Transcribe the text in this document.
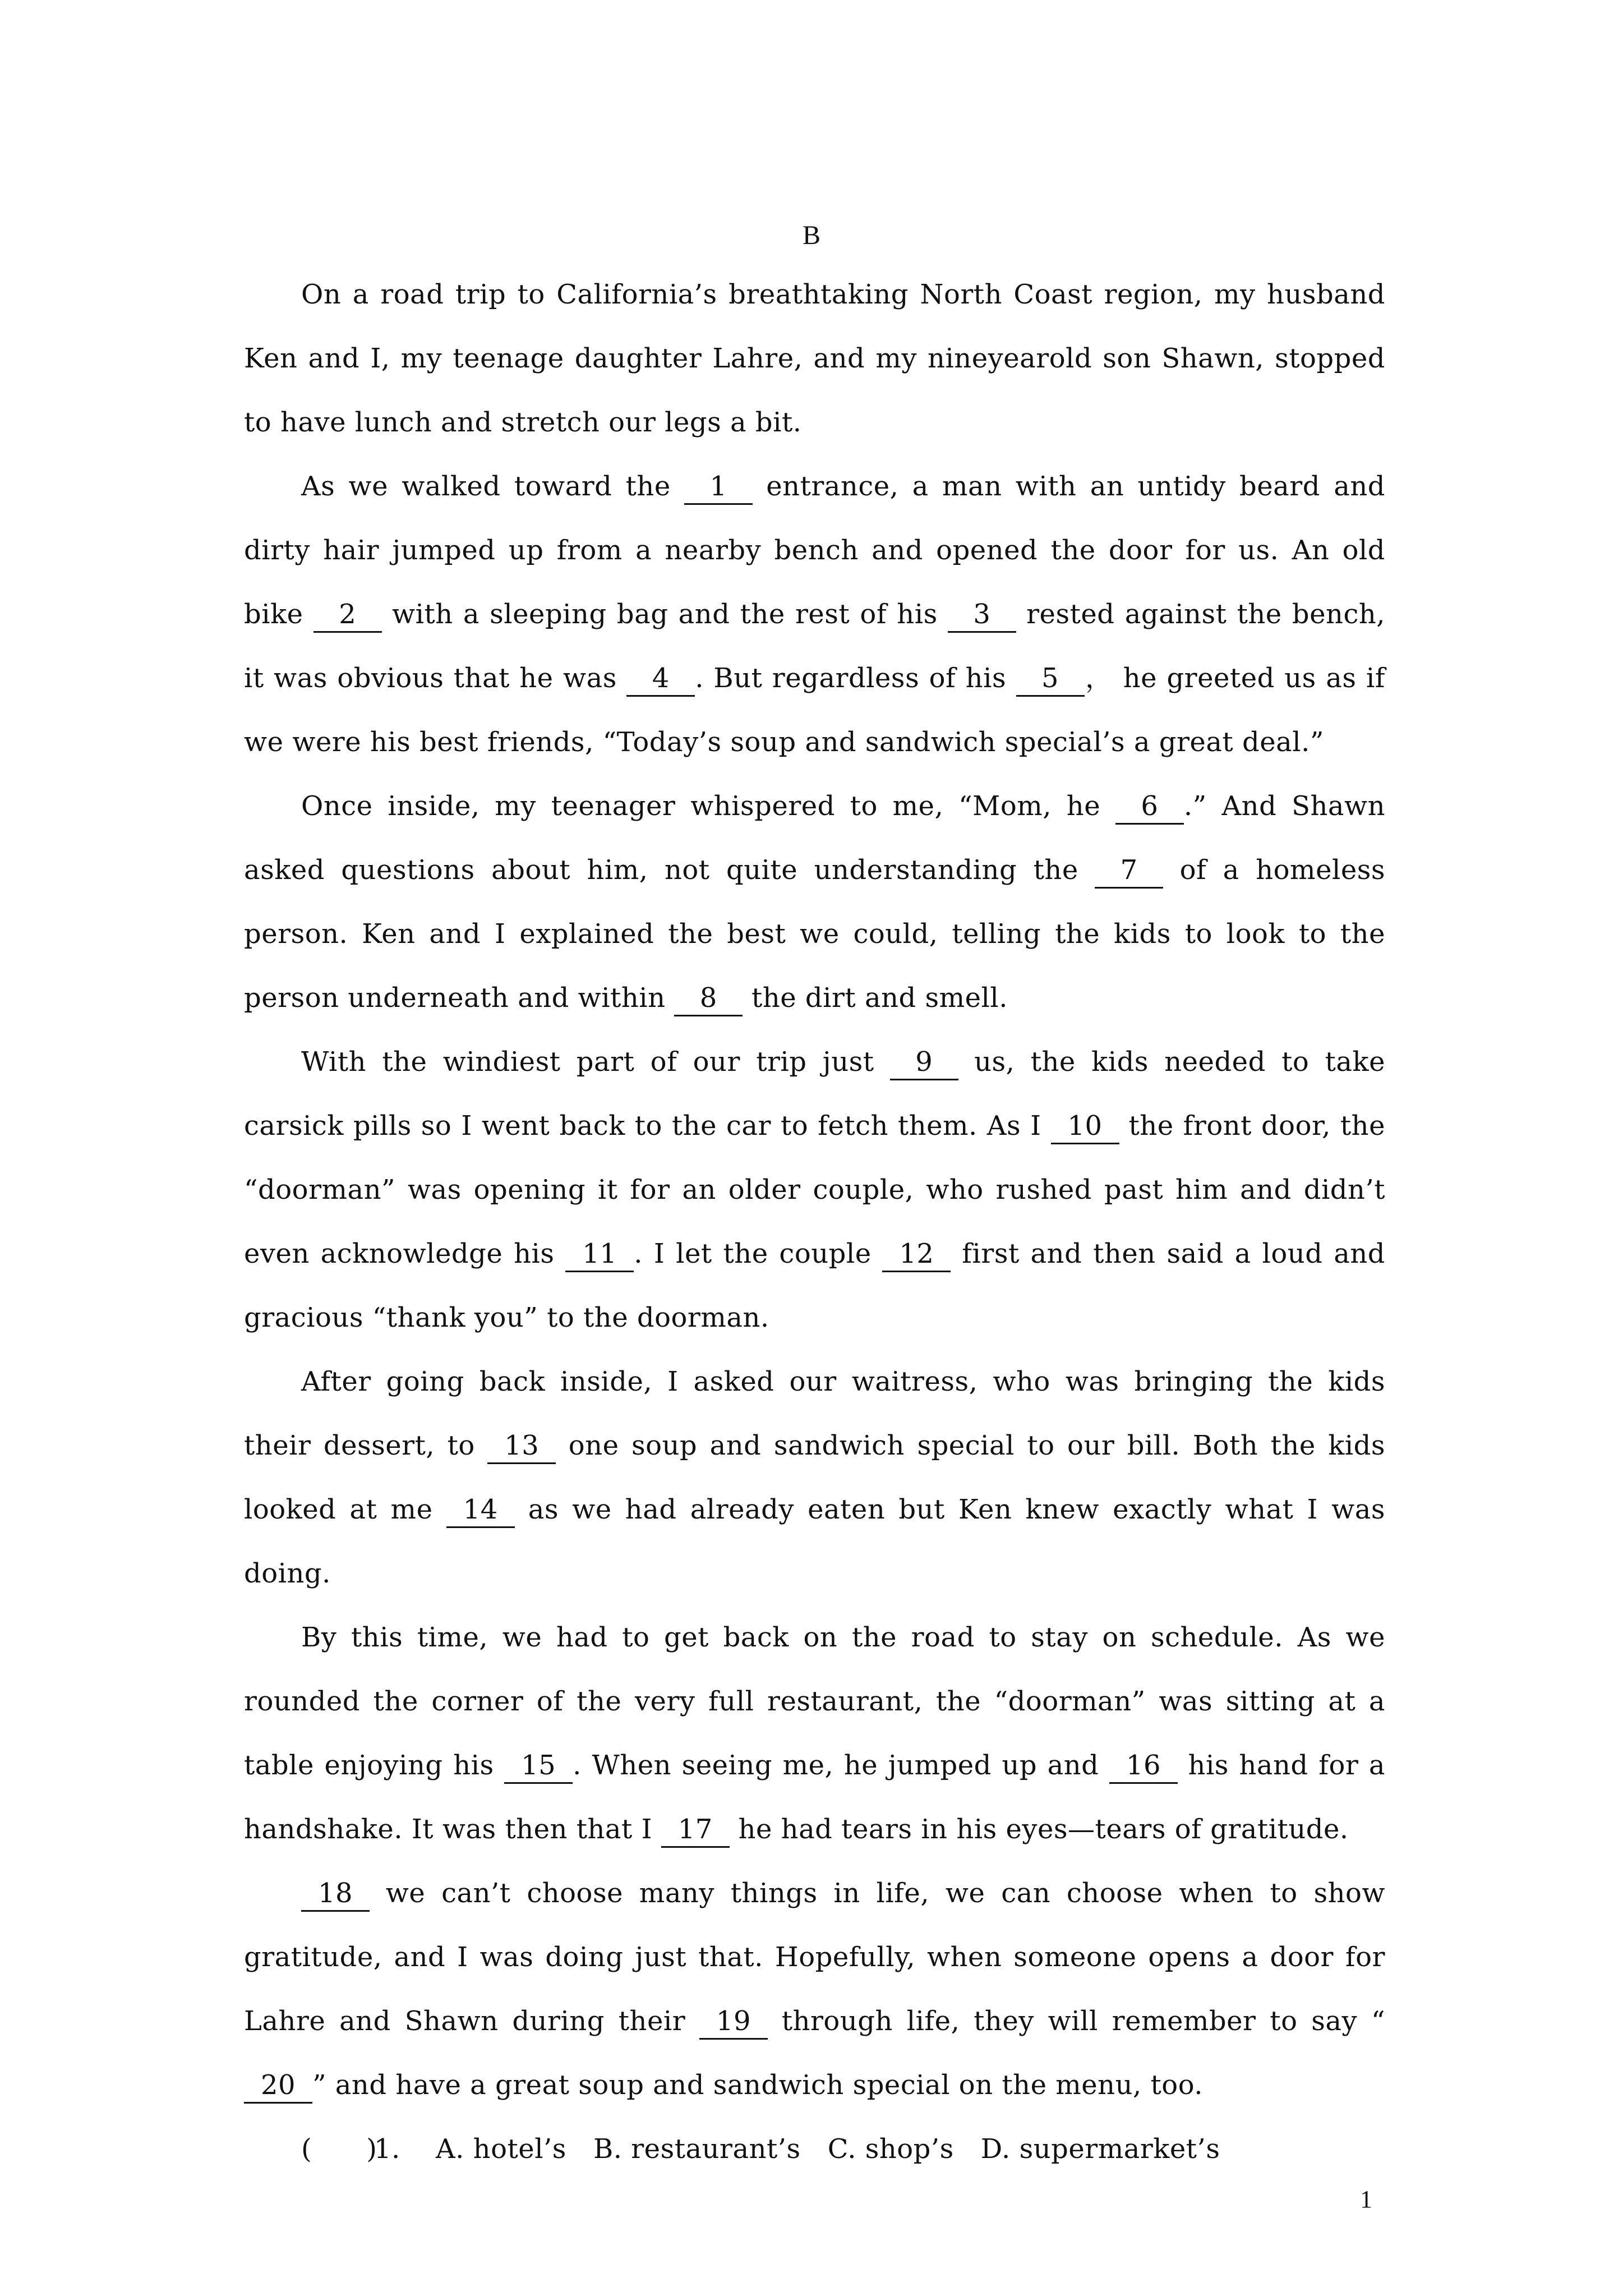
B

On a road trip to California’s breathtaking North Coast region, my husband Ken and I, my teenage daughter Lahre, and my nineyearold son Shawn, stopped to have lunch and stretch our legs a bit.

As we walked toward the 1 entrance, a man with an untidy beard and dirty hair jumped up from a nearby bench and opened the door for us. An old bike 2 with a sleeping bag and the rest of his 3 rested against the bench, it was obvious that he was 4 . But regardless of his 5 ， he greeted us as if we were his best friends, “Today’s soup and sandwich special’s a great deal.”

Once inside, my teenager whispered to me, “Mom, he 6 .” And Shawn asked questions about him, not quite understanding the 7 of a homeless person. Ken and I explained the best we could, telling the kids to look to the person underneath and within 8 the dirt and smell.

With the windiest part of our trip just 9 us, the kids needed to take carsick pills so I went back to the car to fetch them. As I 10 the front door, the “doorman” was opening it for an older couple, who rushed past him and didn’t even acknowledge his 11 . I let the couple 12 first and then said a loud and gracious “thank you” to the doorman.

After going back inside, I asked our waitress, who was bringing the kids their dessert, to 13 one soup and sandwich special to our bill. Both the kids looked at me 14 as we had already eaten but Ken knew exactly what I was doing.

By this time, we had to get back on the road to stay on schedule. As we rounded the corner of the very full restaurant, the “doorman” was sitting at a table enjoying his 15 . When seeing me, he jumped up and 16 his hand for a handshake. It was then that I 17 he had tears in his eyes—tears of gratitude.

18 we can’t choose many things in life, we can choose when to show gratitude, and I was doing just that. Hopefully, when someone opens a door for Lahre and Shawn during their 19 through life, they will remember to say “20 ” and have a great soup and sandwich special on the menu, too.

(　　)1. A. hotel’s B. restaurant’s C. shop’s D. supermarket’s

1
